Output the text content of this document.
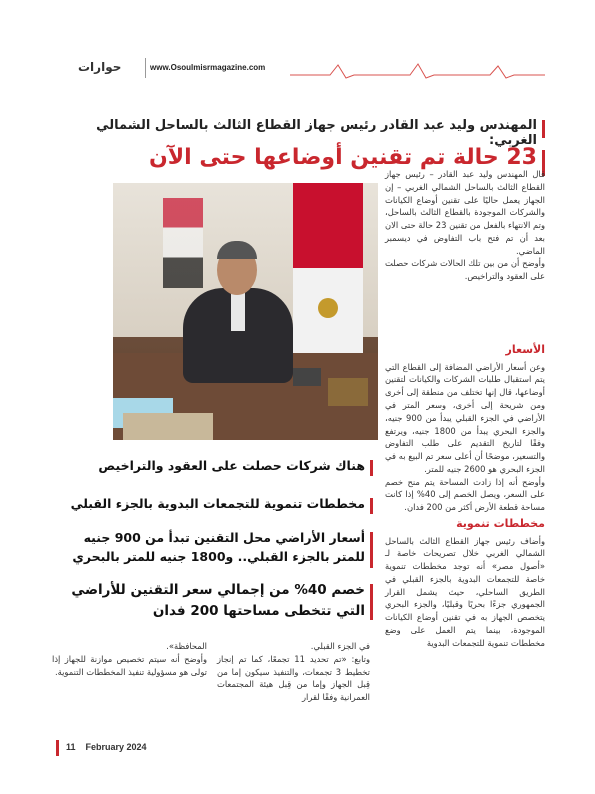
حوارات	www.Osoulmisrmagazine.com
المهندس وليد عبد القادر رئيس جهاز القطاع الثالث بالساحل الشمالي الغربي:
23 حالة تم تقنين أوضاعها حتى الآن

قال المهندس وليد عبد القادر – رئيس جهاز القطاع الثالث بالساحل الشمالي الغربي – إن الجهاز يعمل حاليًا على تقنين أوضاع الكيانات والشركات الموجودة بالقطاع الثالث بالساحل، وتم الانتهاء بالفعل من تقنين 23 حالة حتى الان بعد أن تم فتح باب التفاوض في ديسمبر الماضي.

وأوضح أن من بين تلك الحالات شركات حصلت على العقود والتراخيص.

الأسعار

وعن أسعار الأراضي المضافة إلى القطاع التي يتم استقبال طلبات الشركات والكيانات لتقنين أوضاعها، قال إنها تختلف من منطقة إلى أخرى ومن شريحة إلى أخرى، وسعر المتر في الأراضي في الجزء القبلي يبدأ من 900 جنيه، والجزء البحري يبدأ من 1800 جنيه، ويرتفع وفقًا لتاريخ التقديم على طلب التفاوض والتسعير، موضحًا أن أعلى سعر تم البيع به في الجزء البحري هو 2600 جنيه للمتر.

وأوضح أنه إذا زادت المساحة يتم منح خصم على السعر، ويصل الخصم إلى 40% إذا كانت مساحة قطعة الأرض أكثر من 200 فدان.

مخططات تنموية

وأضاف رئيس جهاز القطاع الثالث بالساحل الشمالي الغربي خلال تصريحات خاصة لـ «أصول مصر» أنه توجد مخططات تنموية خاصة للتجمعات البدوية بالجزء القبلي في الطريق الساحلي، حيث يشمل القرار الجمهوري جزءًا بحريًا وقبليًا، والجزء البحري يتخصص الجهاز به في تقنين أوضاع الكيانات الموجودة، بينما يتم العمل على وضع مخططات تنموية للتجمعات البدوية

هناك شركات حصلت على العقود والتراخيص
مخططات تنموية للتجمعات البدوية بالجزء القبلي
أسعار الأراضي محل التقنين تبدأ من 900 جنيه للمتر بالجزء القبلي.. و1800 جنيه للمتر بالبحري
خصم 40% من إجمالي سعر التقنين للأراضي التي تتخطى مساحتها 200 فدان

في الجزء القبلي.

وتابع: «تم تحديد 11 تجمعًا، كما تم إنجاز تخطيط 3 تجمعات، والتنفيذ سيكون إما من قِبل الجهاز وإما من قِبل هيئة المجتمعات العمرانية وفقًا لقرار

المحافظة».

وأوضح أنه سيتم تخصيص موازنة للجهاز إذا تولى هو مسؤولية تنفيذ المخططات التنموية.

11 February 2024
